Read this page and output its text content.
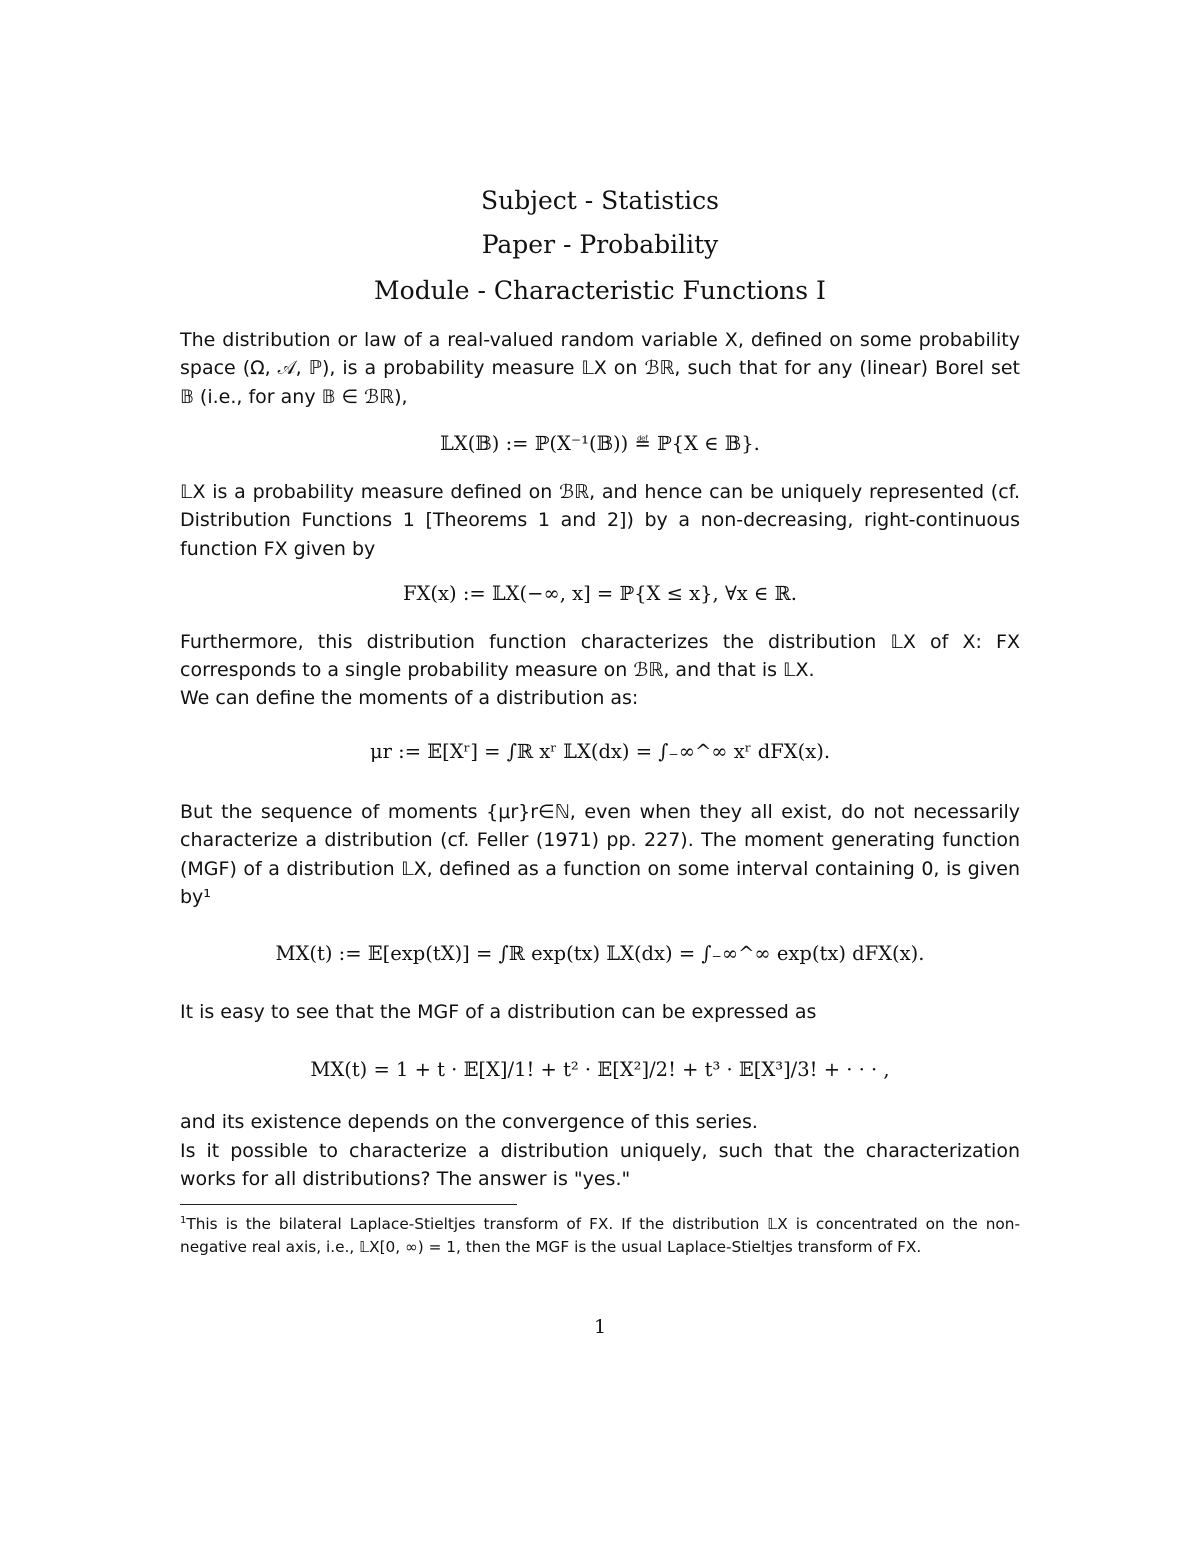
Subject - Statistics
Paper - Probability
Module - Characteristic Functions I
The distribution or law of a real-valued random variable X, defined on some probability space (Ω, 𝒜, ℙ), is a probability measure 𝕃X on ℬℝ, such that for any (linear) Borel set 𝔹 (i.e., for any 𝔹 ∈ ℬℝ),
𝕃X(𝔹) := ℙ(X⁻¹(𝔹)) ≝ ℙ{X ∈ 𝔹}.
𝕃X is a probability measure defined on ℬℝ, and hence can be uniquely represented (cf. Distribution Functions 1 [Theorems 1 and 2]) by a non-decreasing, right-continuous function FX given by
FX(x) := 𝕃X(−∞, x] = ℙ{X ≤ x}, ∀x ∈ ℝ.
Furthermore, this distribution function characterizes the distribution 𝕃X of X: FX corresponds to a single probability measure on ℬℝ, and that is 𝕃X.
We can define the moments of a distribution as:
μr := 𝔼[Xʳ] = ∫ℝ xʳ 𝕃X(dx) = ∫₋∞^∞ xʳ dFX(x).
But the sequence of moments {μr}r∈ℕ, even when they all exist, do not necessarily characterize a distribution (cf. Feller (1971) pp. 227). The moment generating function (MGF) of a distribution 𝕃X, defined as a function on some interval containing 0, is given by¹
MX(t) := 𝔼[exp(tX)] = ∫ℝ exp(tx) 𝕃X(dx) = ∫₋∞^∞ exp(tx) dFX(x).
It is easy to see that the MGF of a distribution can be expressed as
MX(t) = 1 + t · 𝔼[X]/1! + t² · 𝔼[X²]/2! + t³ · 𝔼[X³]/3! + · · · ,
and its existence depends on the convergence of this series.
Is it possible to characterize a distribution uniquely, such that the characterization works for all distributions? The answer is "yes."
$^1$This is the bilateral Laplace-Stieltjes transform of FX. If the distribution 𝕃X is concentrated on the non-negative real axis, i.e., 𝕃X[0, ∞) = 1, then the MGF is the usual Laplace-Stieltjes transform of FX.
1
